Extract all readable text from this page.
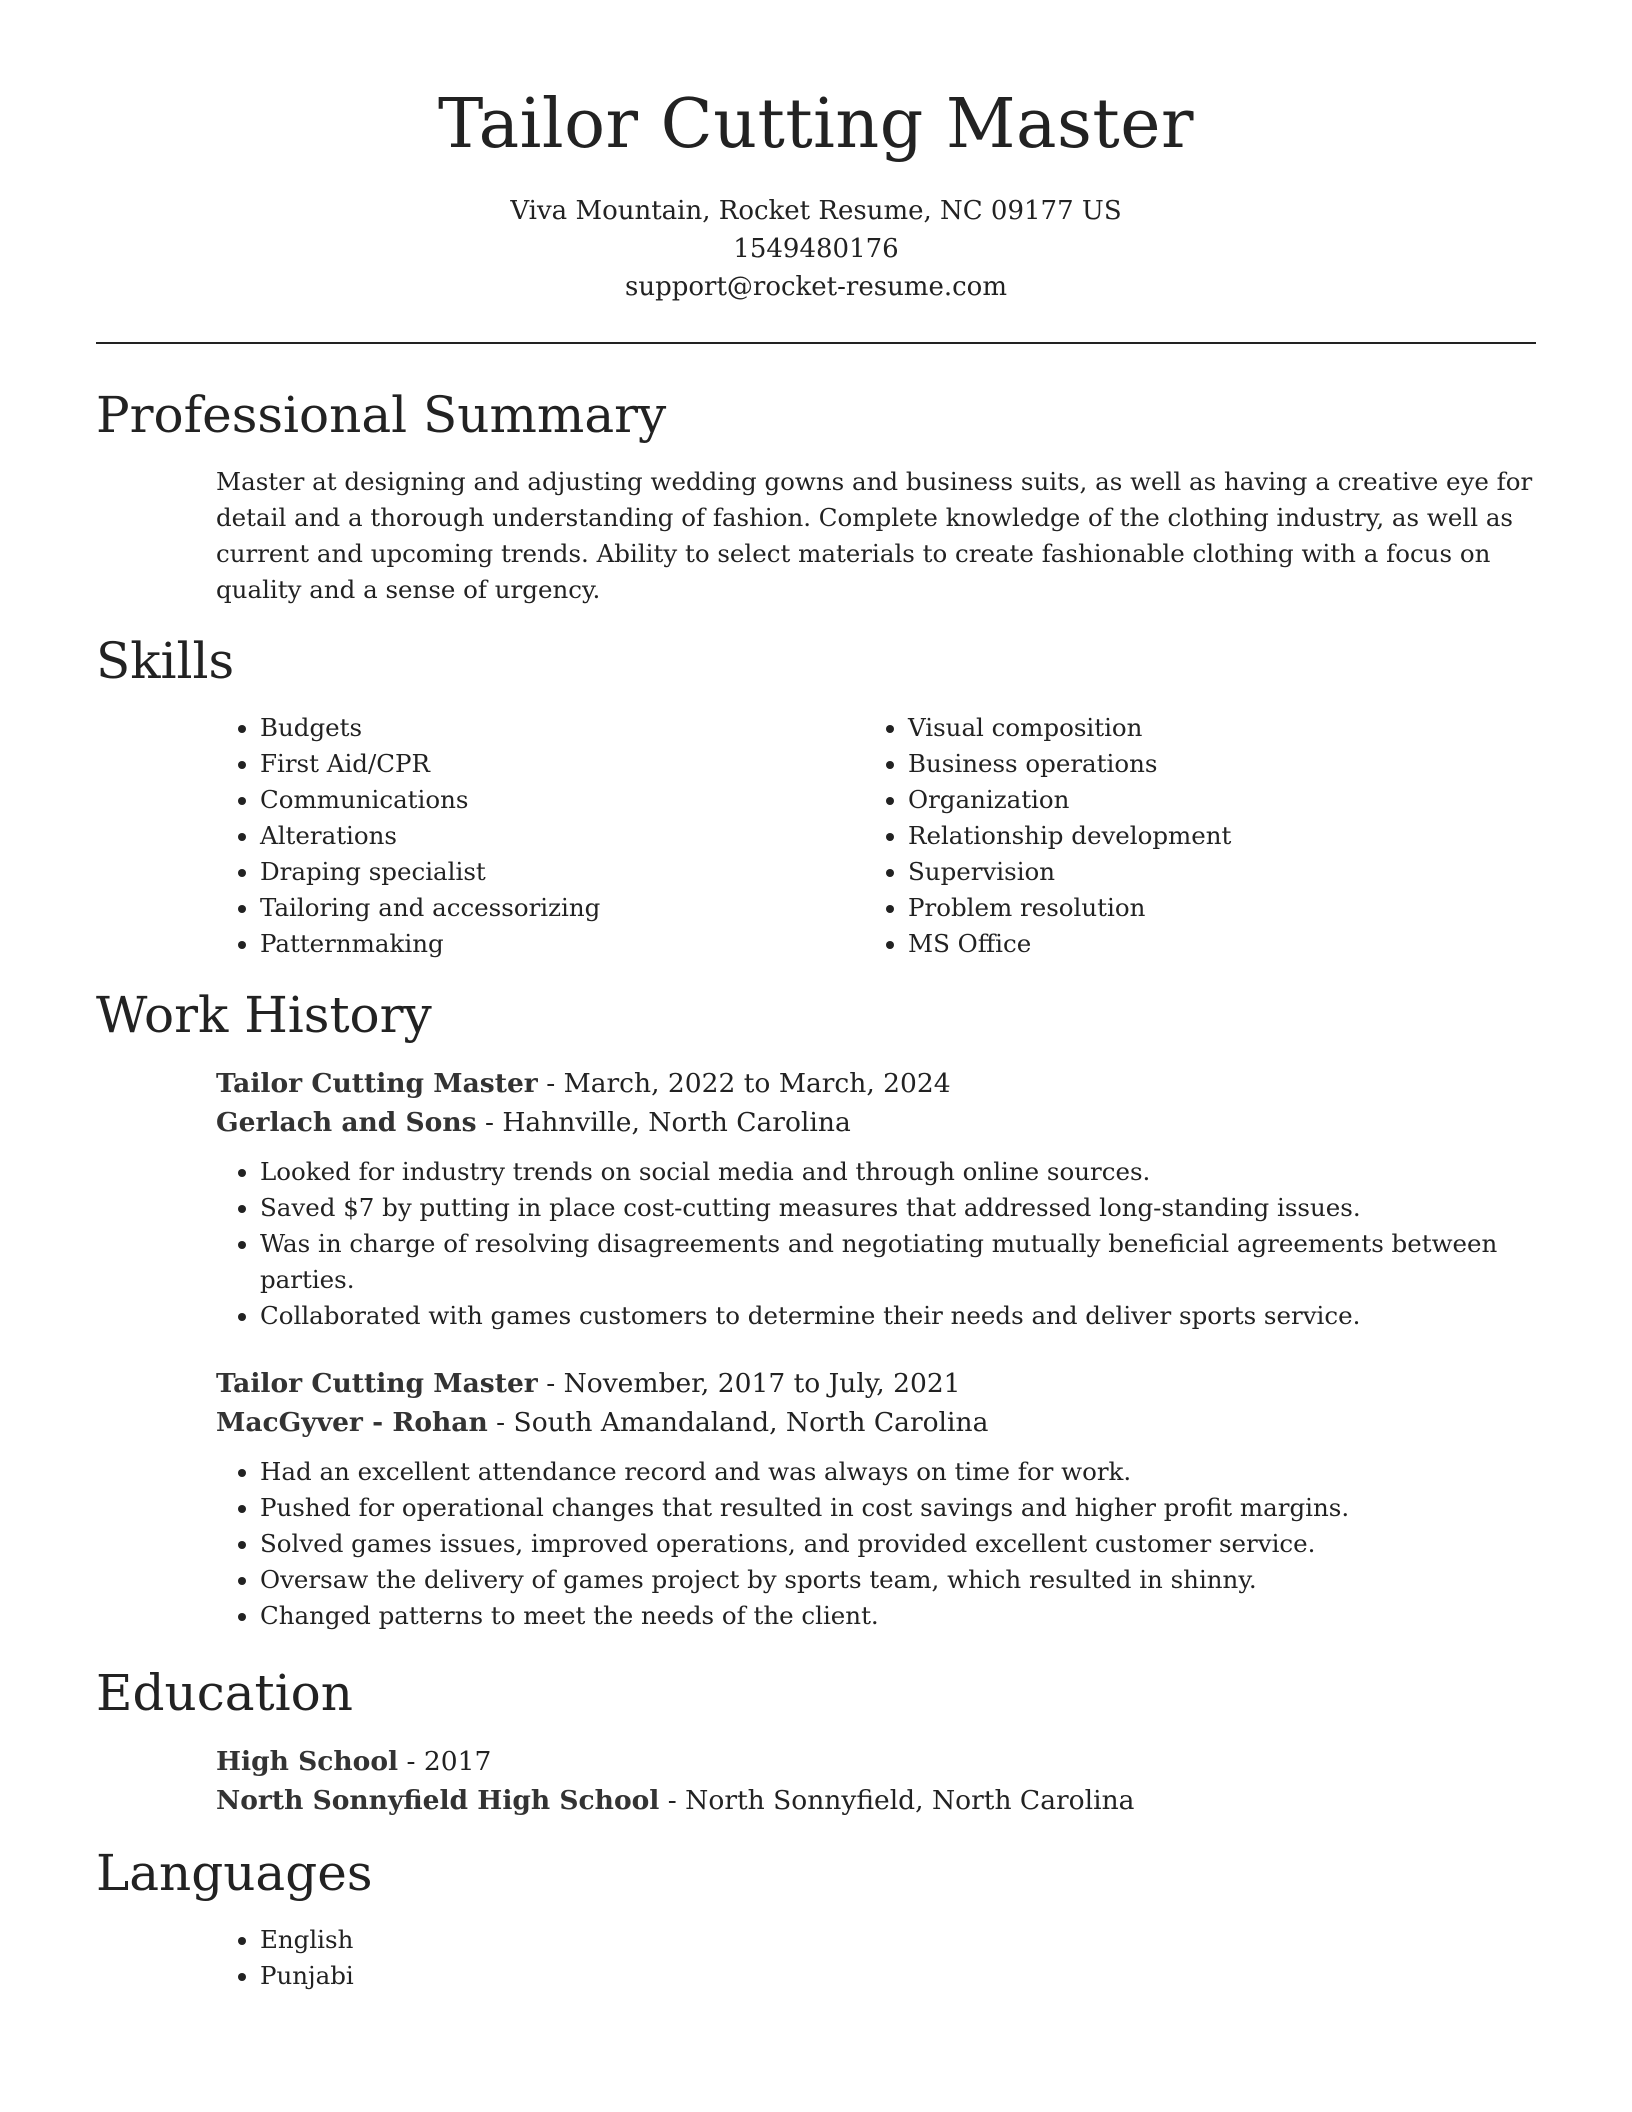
Tailor Cutting Master

Viva Mountain, Rocket Resume, NC 09177 US

1549480176

support@rocket-resume.com

Professional Summary

Master at designing and adjusting wedding gowns and business suits, as well as having a creative eye for detail and a thorough understanding of fashion. Complete knowledge of the clothing industry, as well as current and upcoming trends. Ability to select materials to create fashionable clothing with a focus on quality and a sense of urgency.

Skills
• Budgets
• First Aid/CPR
• Communications
• Alterations
• Draping specialist
• Tailoring and accessorizing
• Patternmaking
• Visual composition
• Business operations
• Organization
• Relationship development
• Supervision
• Problem resolution
• MS Office
Work History

Tailor Cutting Master - March, 2022 to March, 2024

Gerlach and Sons - Hahnville, North Carolina

• Looked for industry trends on social media and through online sources.
• Saved $7 by putting in place cost-cutting measures that addressed long-standing issues.
• Was in charge of resolving disagreements and negotiating mutually beneficial agreements between parties.
• Collaborated with games customers to determine their needs and deliver sports service.

Tailor Cutting Master - November, 2017 to July, 2021

MacGyver - Rohan - South Amandaland, North Carolina

• Had an excellent attendance record and was always on time for work.
• Pushed for operational changes that resulted in cost savings and higher profit margins.
• Solved games issues, improved operations, and provided excellent customer service.
• Oversaw the delivery of games project by sports team, which resulted in shinny.
• Changed patterns to meet the needs of the client.
Education

High School - 2017

North Sonnyfield High School - North Sonnyfield, North Carolina

Languages
• English
• Punjabi
